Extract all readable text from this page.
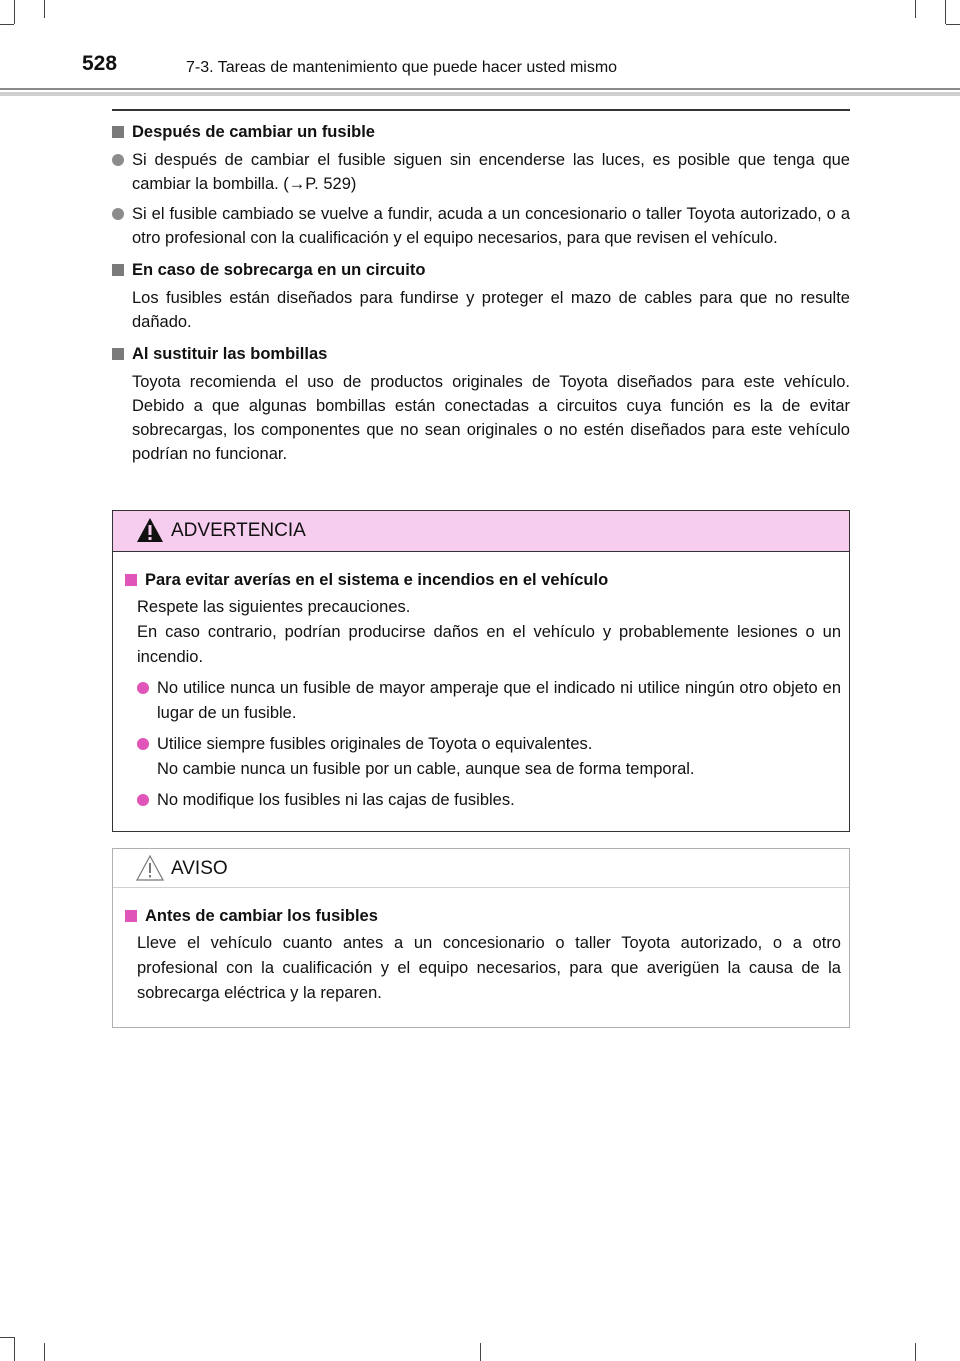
528	7-3. Tareas de mantenimiento que puede hacer usted mismo
Después de cambiar un fusible
Si después de cambiar el fusible siguen sin encenderse las luces, es posible que tenga que cambiar la bombilla. (→P. 529)
Si el fusible cambiado se vuelve a fundir, acuda a un concesionario o taller Toyota autorizado, o a otro profesional con la cualificación y el equipo necesarios, para que revisen el vehículo.
En caso de sobrecarga en un circuito
Los fusibles están diseñados para fundirse y proteger el mazo de cables para que no resulte dañado.
Al sustituir las bombillas
Toyota recomienda el uso de productos originales de Toyota diseñados para este vehículo. Debido a que algunas bombillas están conectadas a circuitos cuya función es la de evitar sobrecargas, los componentes que no sean originales o no estén diseñados para este vehículo podrían no funcionar.
ADVERTENCIA
Para evitar averías en el sistema e incendios en el vehículo
Respete las siguientes precauciones.
En caso contrario, podrían producirse daños en el vehículo y probablemente lesiones o un incendio.
No utilice nunca un fusible de mayor amperaje que el indicado ni utilice ningún otro objeto en lugar de un fusible.
Utilice siempre fusibles originales de Toyota o equivalentes.
No cambie nunca un fusible por un cable, aunque sea de forma temporal.
No modifique los fusibles ni las cajas de fusibles.
AVISO
Antes de cambiar los fusibles
Lleve el vehículo cuanto antes a un concesionario o taller Toyota autorizado, o a otro profesional con la cualificación y el equipo necesarios, para que averigüen la causa de la sobrecarga eléctrica y la reparen.
